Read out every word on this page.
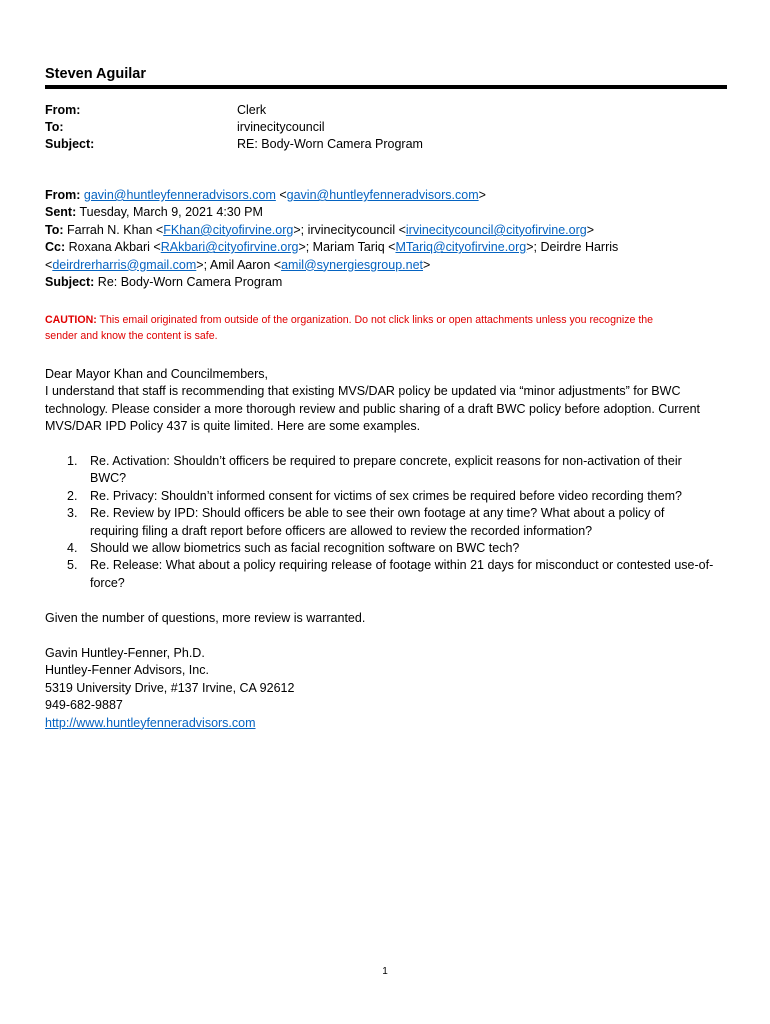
Steven Aguilar
From:	Clerk
To:	irvinecitycouncil
Subject:	RE: Body-Worn Camera Program
From: gavin@huntleyfenneradvisors.com <gavin@huntleyfenneradvisors.com>
Sent: Tuesday, March 9, 2021 4:30 PM
To: Farrah N. Khan <FKhan@cityofirvine.org>; irvinecitycouncil <irvinecitycouncil@cityofirvine.org>
Cc: Roxana Akbari <RAkbari@cityofirvine.org>; Mariam Tariq <MTariq@cityofirvine.org>; Deirdre Harris
<deirdrerharris@gmail.com>; Amil Aaron <amil@synergiesgroup.net>
Subject: Re: Body-Worn Camera Program
CAUTION: This email originated from outside of the organization. Do not click links or open attachments unless you recognize the
sender and know the content is safe.
Dear Mayor Khan and Councilmembers,
I understand that staff is recommending that existing MVS/DAR policy be updated via “minor adjustments” for BWC
technology. Please consider a more thorough review and public sharing of a draft BWC policy before adoption. Current
MVS/DAR IPD Policy 437 is quite limited. Here are some examples.
1. Re. Activation: Shouldn’t officers be required to prepare concrete, explicit reasons for non-activation of their
BWC?
2. Re. Privacy: Shouldn’t informed consent for victims of sex crimes be required before video recording them?
3. Re. Review by IPD: Should officers be able to see their own footage at any time? What about a policy of
requiring filing a draft report before officers are allowed to review the recorded information?
4. Should we allow biometrics such as facial recognition software on BWC tech?
5. Re. Release: What about a policy requiring release of footage within 21 days for misconduct or contested use-of-
force?
Given the number of questions, more review is warranted.
Gavin Huntley-Fenner, Ph.D.
Huntley-Fenner Advisors, Inc.
5319 University Drive, #137 Irvine, CA 92612
949-682-9887
http://www.huntleyfenneradvisors.com
1
